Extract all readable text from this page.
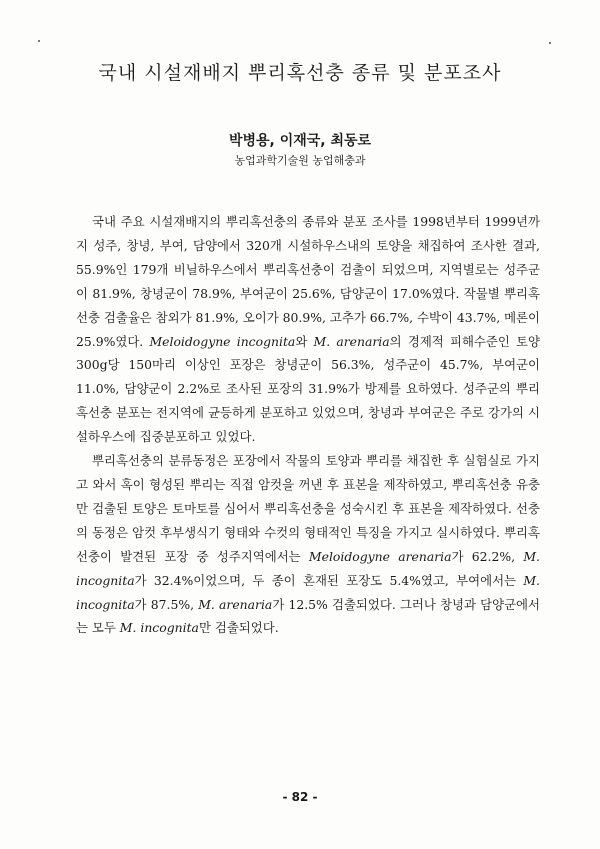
국내 시설재배지 뿌리혹선충 종류 및 분포조사
박병용, 이재국, 최동로
농업과학기술원 농업해충과

국내 주요 시설재배지의 뿌리혹선충의 종류와 분포 조사를 1998년부터 1999년까지 성주, 창녕, 부여, 담양에서 320개 시설하우스내의 토양을 채집하여 조사한 결과, 55.9%인 179개 비닐하우스에서 뿌리혹선충이 검출이 되었으며, 지역별로는 성주군이 81.9%, 창녕군이 78.9%, 부여군이 25.6%, 담양군이 17.0%였다. 작물별 뿌리혹선충 검출율은 참외가 81.9%, 오이가 80.9%, 고추가 66.7%, 수박이 43.7%, 메론이 25.9%였다. Meloidogyne incognita와 M. arenaria의 경제적 피해수준인 토양 300g당 150마리 이상인 포장은 창녕군이 56.3%, 성주군이 45.7%, 부여군이 11.0%, 담양군이 2.2%로 조사된 포장의 31.9%가 방제를 요하였다. 성주군의 뿌리혹선충 분포는 전지역에 균등하게 분포하고 있었으며, 창녕과 부여군은 주로 강가의 시설하우스에 집중분포하고 있었다.

뿌리혹선충의 분류동정은 포장에서 작물의 토양과 뿌리를 채집한 후 실험실로 가지고 와서 혹이 형성된 뿌리는 직접 암컷을 꺼낸 후 표본을 제작하였고, 뿌리혹선충 유충만 검출된 토양은 토마토를 심어서 뿌리혹선충을 성숙시킨 후 표본을 제작하였다. 선충의 동정은 암컷 후부생식기 형태와 수컷의 형태적인 특징을 가지고 실시하였다. 뿌리혹선충이 발견된 포장 중 성주지역에서는 Meloidogyne arenaria가 62.2%, M. incognita가 32.4%이었으며, 두 종이 혼재된 포장도 5.4%였고, 부여에서는 M. incognita가 87.5%, M. arenaria가 12.5% 검출되었다. 그러나 창녕과 담양군에서는 모두 M. incognita만 검출되었다.

- 82 -
